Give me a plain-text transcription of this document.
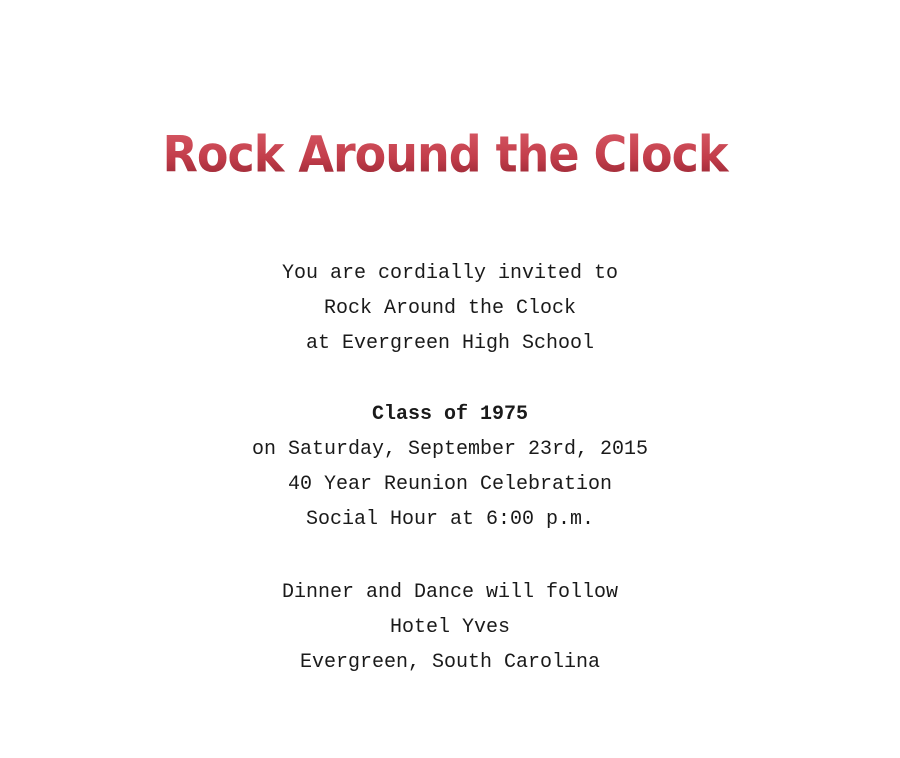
Rock Around the Clock
You are cordially invited to
Rock Around the Clock
at Evergreen High School
Class of 1975
on Saturday, September 23rd, 2015
40 Year Reunion Celebration
Social Hour at 6:00 p.m.
Dinner and Dance will follow
Hotel Yves
Evergreen, South Carolina
